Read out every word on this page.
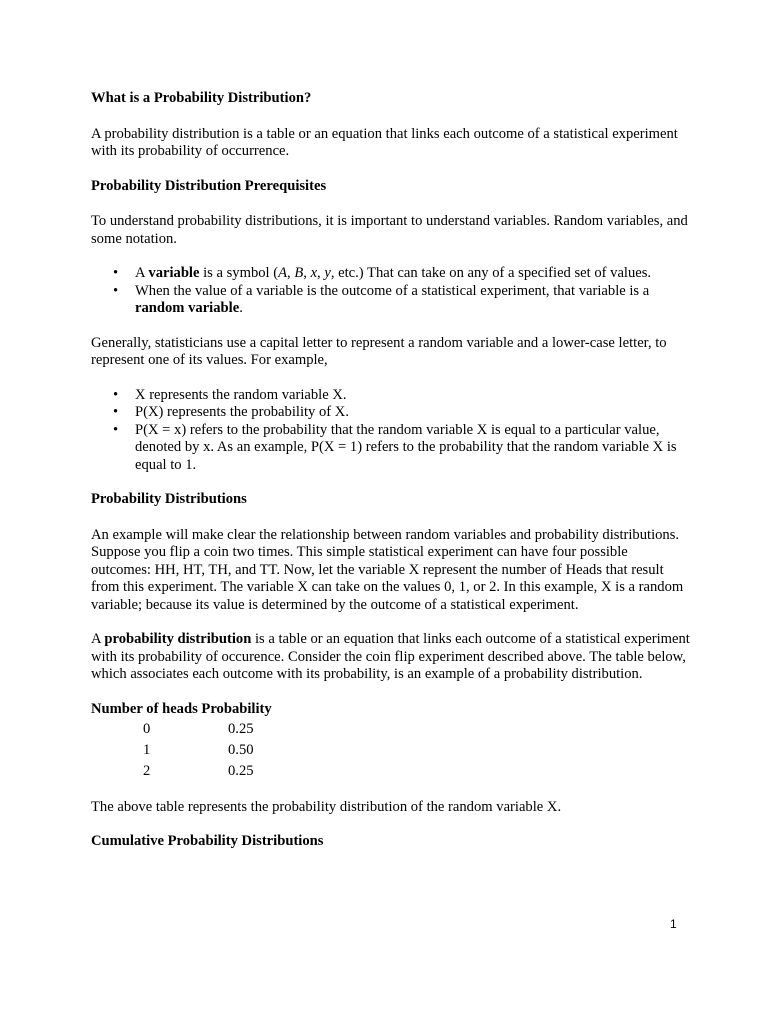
What is a Probability Distribution?

A probability distribution is a table or an equation that links each outcome of a statistical experiment with its probability of occurrence.

Probability Distribution Prerequisites

To understand probability distributions, it is important to understand variables. Random variables, and some notation.

• A variable is a symbol (A, B, x, y, etc.) That can take on any of a specified set of values.
• When the value of a variable is the outcome of a statistical experiment, that variable is a random variable.

Generally, statisticians use a capital letter to represent a random variable and a lower-case letter, to represent one of its values. For example,

• X represents the random variable X.
• P(X) represents the probability of X.
• P(X = x) refers to the probability that the random variable X is equal to a particular value, denoted by x. As an example, P(X = 1) refers to the probability that the random variable X is equal to 1.

Probability Distributions

An example will make clear the relationship between random variables and probability distributions. Suppose you flip a coin two times. This simple statistical experiment can have four possible outcomes: HH, HT, TH, and TT. Now, let the variable X represent the number of Heads that result from this experiment. The variable X can take on the values 0, 1, or 2. In this example, X is a random variable; because its value is determined by the outcome of a statistical experiment.

A probability distribution is a table or an equation that links each outcome of a statistical experiment with its probability of occurence. Consider the coin flip experiment described above. The table below, which associates each outcome with its probability, is an example of a probability distribution.

Number of heads Probability
0	0.25
1	0.50
2	0.25

The above table represents the probability distribution of the random variable X.

Cumulative Probability Distributions

1
